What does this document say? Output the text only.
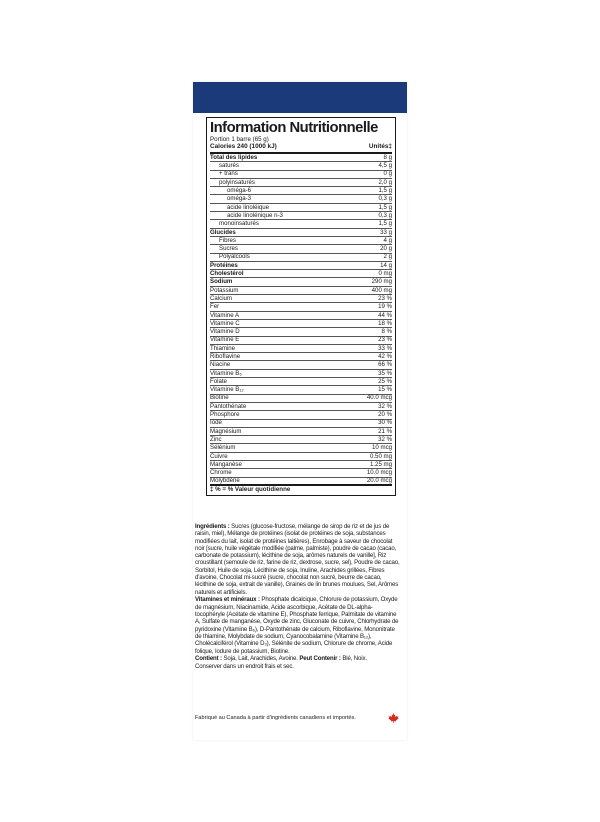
Information Nutritionnelle
Portion 1 barre (65 g)
Calories 240 (1000 kJ)	Unités‡
Total des lipides	8 g
saturés	4,5 g
+ trans	0 g
polyinsaturés	2,0 g
oméga-6	1,5 g
oméga-3	0,3 g
acide linoléique	1,5 g
acide linolénique n-3	0,3 g
monoinsaturés	1,5 g
Glucides	33 g
Fibres	4 g
Sucres	20 g
Polyalcools	2 g
Protéines	14 g
Cholestérol	0 mg
Sodium	290 mg
Potassium	400 mg
Calcium	23 %
Fer	19 %
Vitamine A	44 %
Vitamine C	18 %
Vitamine D	8 %
Vitamine E	23 %
Thiamine	33 %
Riboflavine	42 %
Niacine	66 %
Vitamine B₆	35 %
Folate	25 %
Vitamine B₁₂	15 %
Biotine	40.0 mcg
Pantothénate	32 %
Phosphore	20 %
Iode	30 %
Magnésium	21 %
Zinc	32 %
Sélénium	10 mcg
Cuivre	0.50 mg
Manganèse	1.25 mg
Chrome	10.0 mcg
Molybdène	20.0 mcg
‡ % = % Valeur quotidienne

Ingrédients : Sucres (glucose-fructose, mélange de sirop de riz et de jus de raisin, miel), Mélange de protéines (isolat de protéines de soja, substances modifiées du lait, isolat de protéines laitières), Enrobage à saveur de chocolat noir [sucre, huile végétale modifiée (palme, palmiste), poudre de cacao (cacao, carbonate de potassium), lécithine de soja, arômes naturels de vanille], Riz croustillant (semoule de riz, farine de riz, dextrose, sucre, sel), Poudre de cacao, Sorbitol, Huile de soja, Lécithine de soja, Inuline, Arachides grillées, Fibres d'avoine, Chocolat mi-sucré (sucre, chocolat non sucré, beurre de cacao, lécithine de soja, extrait de vanille), Graines de lin brunes moulues, Sel, Arômes naturels et artificiels.

Vitamines et minéraux : Phosphate dicalcique, Chlorure de potassium, Oxyde de magnésium, Niacinamide, Acide ascorbique, Acétate de DL-alpha-tocophéryle (Acétate de vitamine E), Phosphate ferrique, Palmitate de vitamine A, Sulfate de manganèse, Oxyde de zinc, Gluconate de cuivre, Chlorhydrate de pyridoxine (Vitamine B₆), D-Pantothénate de calcium, Riboflavine, Mononitrate de thiamine, Molybdate de sodium, Cyanocobalamine (Vitamine B₁₂), Cholécalciférol (Vitamine D₃), Sélénite de sodium, Chlorure de chrome, Acide folique, Iodure de potassium, Biotine.

Contient : Soja, Lait, Arachides, Avoine. Peut Contenir : Blé, Noix.

Conserver dans un endroit frais et sec.

Fabriqué au Canada à partir d'ingrédients canadiens et importés.
